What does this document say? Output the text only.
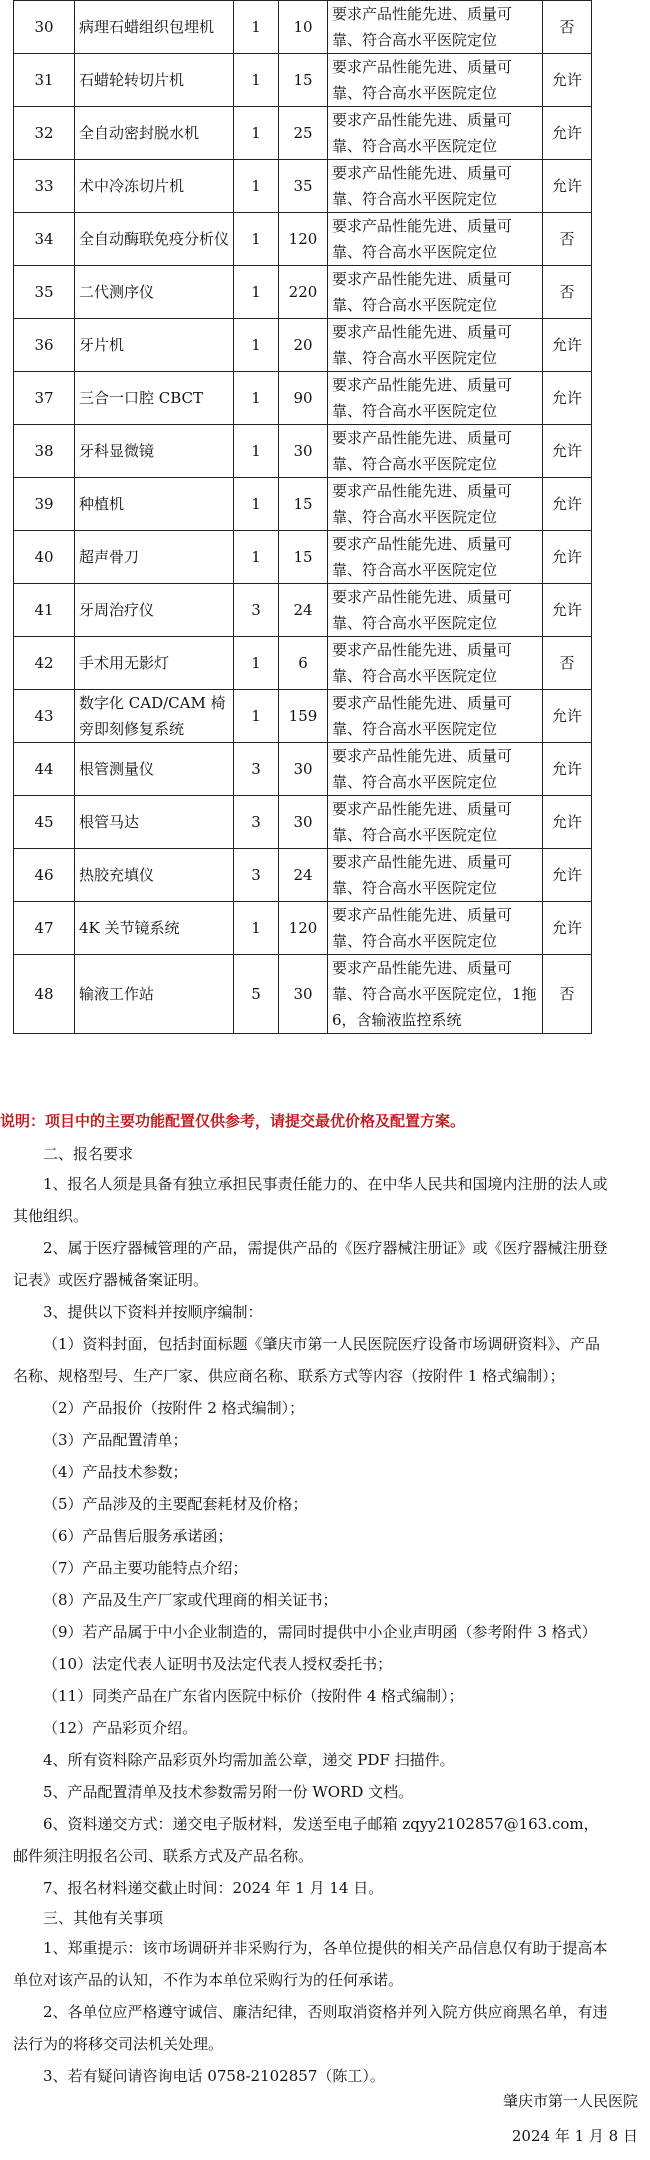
30	病理石蜡组织包埋机	1	10	要求产品性能先进、质量可靠、符合高水平医院定位	否
31	石蜡轮转切片机	1	15	要求产品性能先进、质量可靠、符合高水平医院定位	允许
32	全自动密封脱水机	1	25	要求产品性能先进、质量可靠、符合高水平医院定位	允许
33	术中冷冻切片机	1	35	要求产品性能先进、质量可靠、符合高水平医院定位	允许
34	全自动酶联免疫分析仪	1	120	要求产品性能先进、质量可靠、符合高水平医院定位	否
35	二代测序仪	1	220	要求产品性能先进、质量可靠、符合高水平医院定位	否
36	牙片机	1	20	要求产品性能先进、质量可靠、符合高水平医院定位	允许
37	三合一口腔 CBCT	1	90	要求产品性能先进、质量可靠、符合高水平医院定位	允许
38	牙科显微镜	1	30	要求产品性能先进、质量可靠、符合高水平医院定位	允许
39	种植机	1	15	要求产品性能先进、质量可靠、符合高水平医院定位	允许
40	超声骨刀	1	15	要求产品性能先进、质量可靠、符合高水平医院定位	允许
41	牙周治疗仪	3	24	要求产品性能先进、质量可靠、符合高水平医院定位	允许
42	手术用无影灯	1	6	要求产品性能先进、质量可靠、符合高水平医院定位	否
43	数字化 CAD/CAM 椅旁即刻修复系统	1	159	要求产品性能先进、质量可靠、符合高水平医院定位	允许
44	根管测量仪	3	30	要求产品性能先进、质量可靠、符合高水平医院定位	允许
45	根管马达	3	30	要求产品性能先进、质量可靠、符合高水平医院定位	允许
46	热胶充填仪	3	24	要求产品性能先进、质量可靠、符合高水平医院定位	允许
47	4K 关节镜系统	1	120	要求产品性能先进、质量可靠、符合高水平医院定位	允许
48	输液工作站	5	30	要求产品性能先进、质量可靠、符合高水平医院定位，1拖6，含输液监控系统	否
说明：项目中的主要功能配置仅供参考，请提交最优价格及配置方案。

二、报名要求

1、报名人须是具备有独立承担民事责任能力的、在中华人民共和国境内注册的法人或其他组织。

2、属于医疗器械管理的产品，需提供产品的《医疗器械注册证》或《医疗器械注册登记表》或医疗器械备案证明。

3、提供以下资料并按顺序编制：

（1）资料封面，包括封面标题《肇庆市第一人民医院医疗设备市场调研资料》、产品名称、规格型号、生产厂家、供应商名称、联系方式等内容（按附件 1 格式编制）；

（2）产品报价（按附件 2 格式编制）；

（3）产品配置清单；

（4）产品技术参数；

（5）产品涉及的主要配套耗材及价格；

（6）产品售后服务承诺函；

（7）产品主要功能特点介绍；

（8）产品及生产厂家或代理商的相关证书；

（9）若产品属于中小企业制造的，需同时提供中小企业声明函（参考附件 3 格式）

（10）法定代表人证明书及法定代表人授权委托书；

（11）同类产品在广东省内医院中标价（按附件 4 格式编制）；

（12）产品彩页介绍。

4、所有资料除产品彩页外均需加盖公章，递交 PDF 扫描件。

5、产品配置清单及技术参数需另附一份 WORD 文档。

6、资料递交方式：递交电子版材料，发送至电子邮箱 zqyy2102857@163.com，邮件须注明报名公司、联系方式及产品名称。

7、报名材料递交截止时间：2024 年 1 月 14 日。

三、其他有关事项

1、郑重提示：该市场调研并非采购行为，各单位提供的相关产品信息仅有助于提高本单位对该产品的认知，不作为本单位采购行为的任何承诺。

2、各单位应严格遵守诚信、廉洁纪律，否则取消资格并列入院方供应商黑名单，有违法行为的将移交司法机关处理。

3、若有疑问请咨询电话 0758-2102857（陈工）。

肇庆市第一人民医院
2024 年 1 月 8 日
